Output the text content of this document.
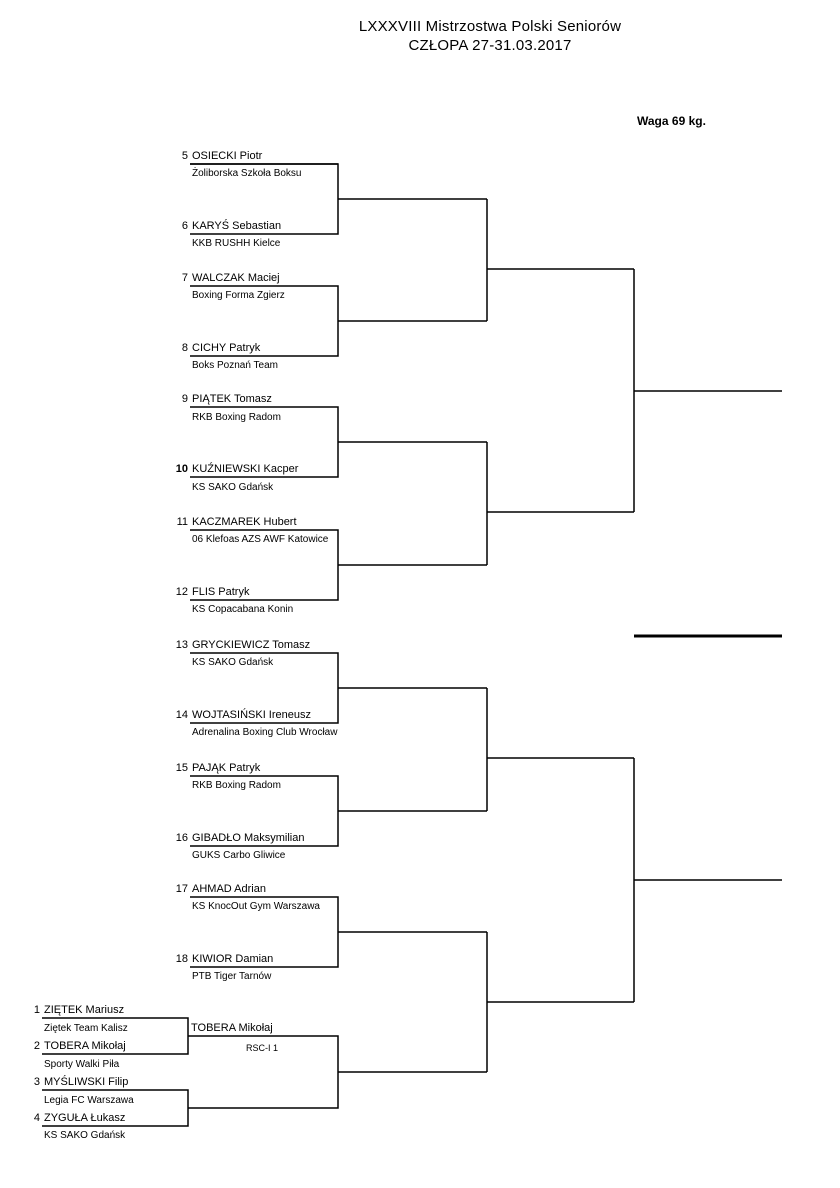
LXXXVIII Mistrzostwa Polski Seniorów
CZŁOPA 27-31.03.2017
Waga 69 kg.
5 OSIECKI Piotr
Żoliborska Szkoła Boksu
6 KARYŚ Sebastian
KKB RUSHH Kielce
7 WALCZAK Maciej
Boxing Forma Zgierz
8 CICHY Patryk
Boks Poznań Team
9 PIĄTEK Tomasz
RKB Boxing Radom
10 KUŹNIEWSKI Kacper
KS SAKO Gdańsk
11 KACZMAREK Hubert
06 Klefoas AZS AWF Katowice
12 FLIS Patryk
KS Copacabana Konin
13 GRYCKIEWICZ Tomasz
KS SAKO Gdańsk
14 WOJTASIŃSKI Ireneusz
Adrenalina Boxing Club Wrocław
15 PAJĄK Patryk
RKB Boxing Radom
16 GIBADŁO Maksymilian
GUKS Carbo Gliwice
17 AHMAD Adrian
KS KnocOut Gym Warszawa
18 KIWIOR Damian
PTB Tiger Tarnów
1 ZIĘTEK Mariusz
Ziętek Team Kalisz
2 TOBERA Mikołaj
Sporty Walki Piła
3 MYŚLIWSKI Filip
Legia FC Warszawa
4 ZYGUŁA Łukasz
KS SAKO Gdańsk
TOBERA Mikołaj
RSC-I 1
